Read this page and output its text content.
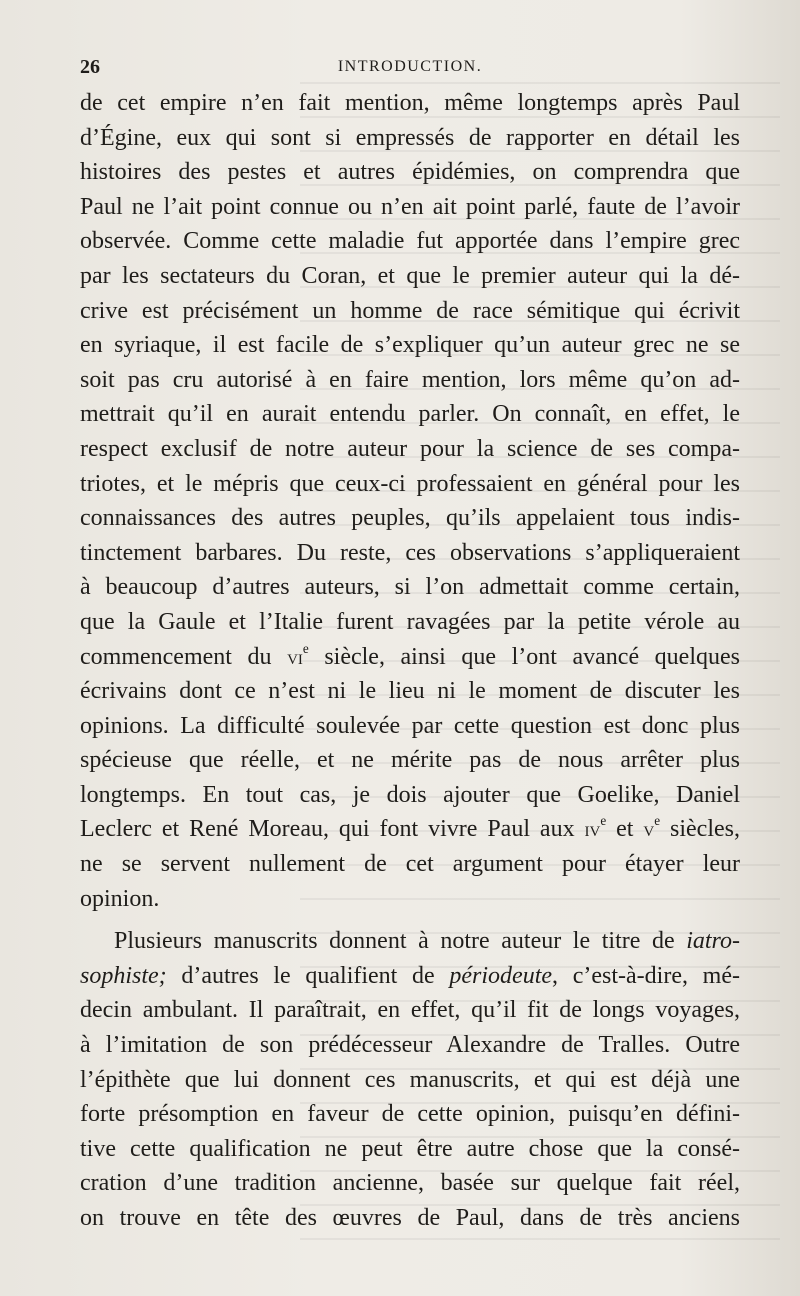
26	INTRODUCTION.
de cet empire n’en fait mention, même longtemps après Paul
d’Égine, eux qui sont si empressés de rapporter en détail les
histoires des pestes et autres épidémies, on comprendra que
Paul ne l’ait point connue ou n’en ait point parlé, faute de l’avoir
observée. Comme cette maladie fut apportée dans l’empire grec
par les sectateurs du Coran, et que le premier auteur qui la dé-
crive est précisément un homme de race sémitique qui écrivit
en syriaque, il est facile de s’expliquer qu’un auteur grec ne se
soit pas cru autorisé à en faire mention, lors même qu’on ad-
mettrait qu’il en aurait entendu parler. On connaît, en effet, le
respect exclusif de notre auteur pour la science de ses compa-
triotes, et le mépris que ceux-ci professaient en général pour les
connaissances des autres peuples, qu’ils appelaient tous indis-
tinctement barbares. Du reste, ces observations s’appliqueraient
à beaucoup d’autres auteurs, si l’on admettait comme certain,
que la Gaule et l’Italie furent ravagées par la petite vérole au
commencement du $vi^e$ siècle, ainsi que l’ont avancé quelques
écrivains dont ce n’est ni le lieu ni le moment de discuter les
opinions. La difficulté soulevée par cette question est donc plus
spécieuse que réelle, et ne mérite pas de nous arrêter plus
longtemps. En tout cas, je dois ajouter que Goelike, Daniel
Leclerc et René Moreau, qui font vivre Paul aux $iv^e$ et $v^e$ siècles,
ne se servent nullement de cet argument pour étayer leur
opinion.
Plusieurs manuscrits donnent à notre auteur le titre de iatro-
sophiste; d’autres le qualifient de périodeute, c’est-à-dire, mé-
decin ambulant. Il paraîtrait, en effet, qu’il fit de longs voyages,
à l’imitation de son prédécesseur Alexandre de Tralles. Outre
l’épithète que lui donnent ces manuscrits, et qui est déjà une
forte présomption en faveur de cette opinion, puisqu’en défini-
tive cette qualification ne peut être autre chose que la consé-
cration d’une tradition ancienne, basée sur quelque fait réel,
on trouve en tête des œuvres de Paul, dans de très anciens
